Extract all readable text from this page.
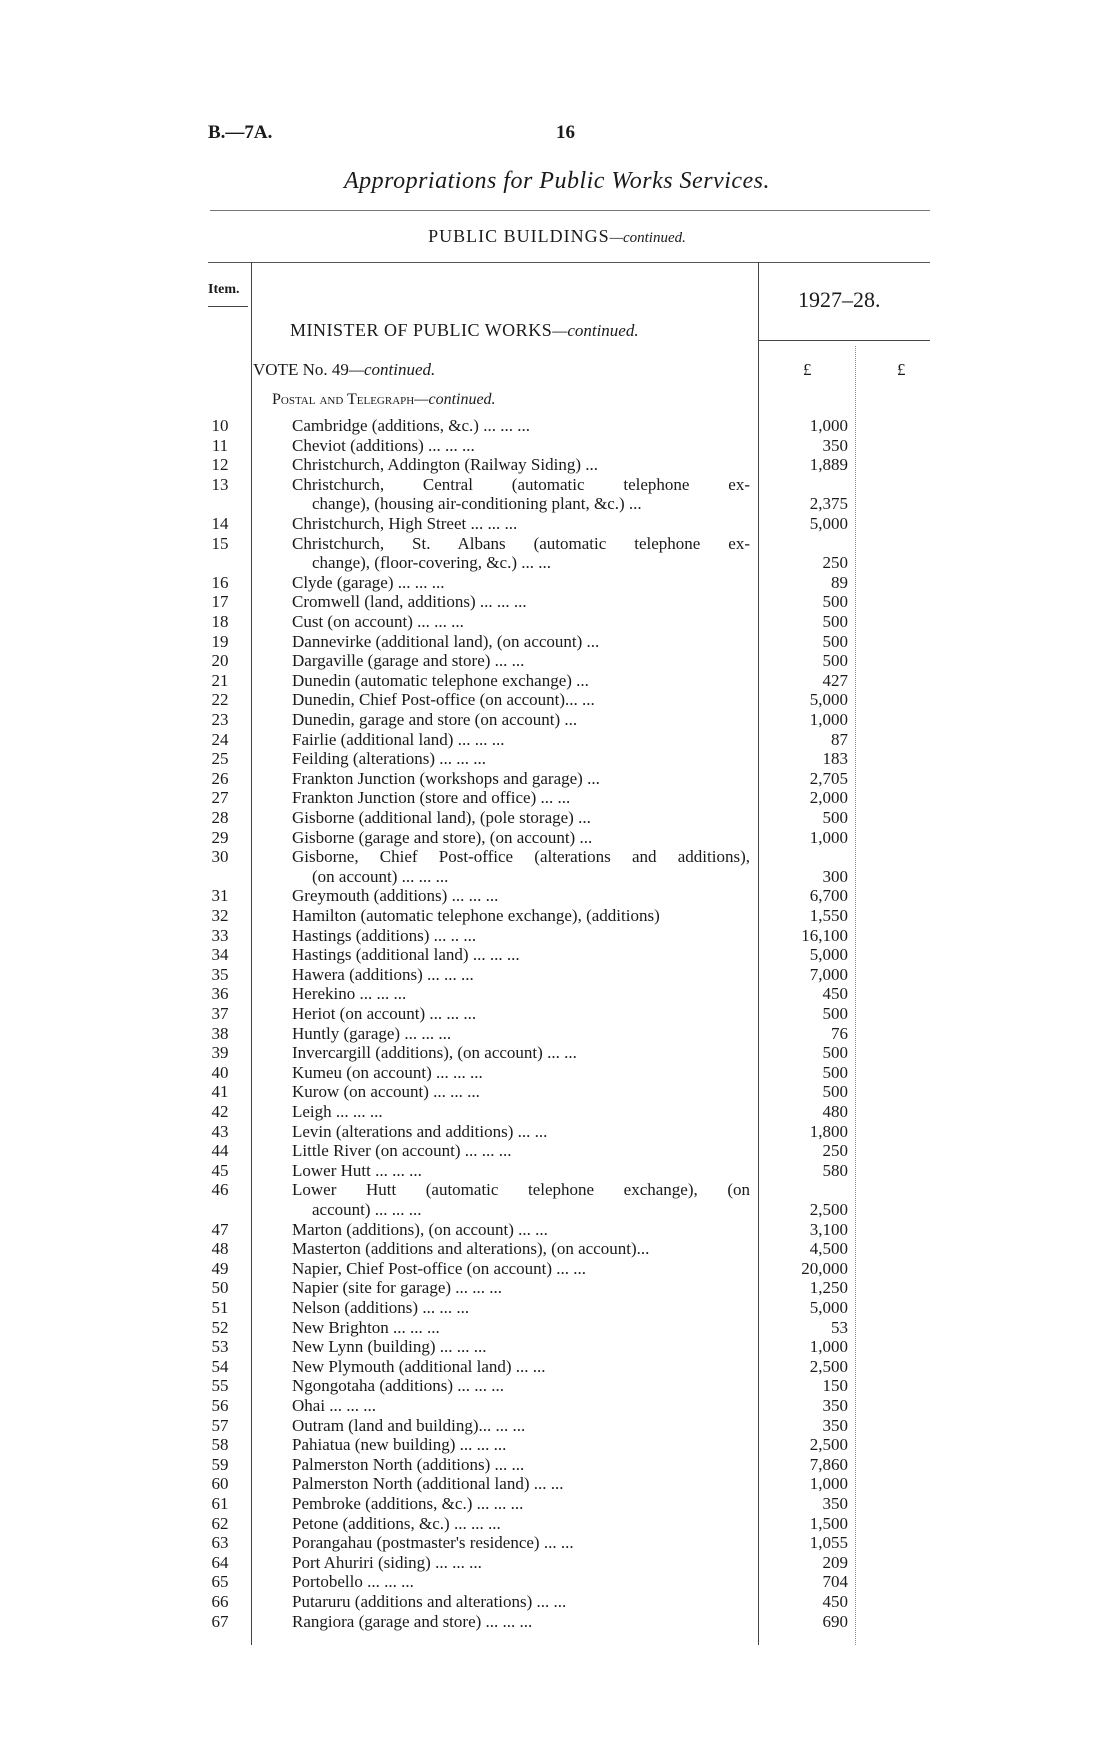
B.—7A.	16
Appropriations for Public Works Services.
PUBLIC BUILDINGS—continued.
Item.	1927–28.
MINISTER OF PUBLIC WORKS—continued.
VOTE No. 49—continued.	£	£
Postal and Telegraph—continued.
10	Cambridge (additions, &c.) ... ... ...	1,000
11	Cheviot (additions) ... ... ...	350
12	Christchurch, Addington (Railway Siding) ...	1,889
13	Christchurch, Central (automatic telephone ex-
change), (housing air-conditioning plant, &c.) ...	2,375
14	Christchurch, High Street ... ... ...	5,000
15	Christchurch, St. Albans (automatic telephone ex-
change), (floor-covering, &c.) ... ...	250
16	Clyde (garage) ... ... ...	89
17	Cromwell (land, additions) ... ... ...	500
18	Cust (on account) ... ... ...	500
19	Dannevirke (additional land), (on account) ...	500
20	Dargaville (garage and store) ... ...	500
21	Dunedin (automatic telephone exchange) ...	427
22	Dunedin, Chief Post-office (on account)... ...	5,000
23	Dunedin, garage and store (on account) ...	1,000
24	Fairlie (additional land) ... ... ...	87
25	Feilding (alterations) ... ... ...	183
26	Frankton Junction (workshops and garage) ...	2,705
27	Frankton Junction (store and office) ... ...	2,000
28	Gisborne (additional land), (pole storage) ...	500
29	Gisborne (garage and store), (on account) ...	1,000
30	Gisborne, Chief Post-office (alterations and additions),
(on account) ... ... ...	300
31	Greymouth (additions) ... ... ...	6,700
32	Hamilton (automatic telephone exchange), (additions)	1,550
33	Hastings (additions) ... .. ...	16,100
34	Hastings (additional land) ... ... ...	5,000
35	Hawera (additions) ... ... ...	7,000
36	Herekino ... ... ...	450
37	Heriot (on account) ... ... ...	500
38	Huntly (garage) ... ... ...	76
39	Invercargill (additions), (on account) ... ...	500
40	Kumeu (on account) ... ... ...	500
41	Kurow (on account) ... ... ...	500
42	Leigh ... ... ...	480
43	Levin (alterations and additions) ... ...	1,800
44	Little River (on account) ... ... ...	250
45	Lower Hutt ... ... ...	580
46	Lower Hutt (automatic telephone exchange), (on
account) ... ... ...	2,500
47	Marton (additions), (on account) ... ...	3,100
48	Masterton (additions and alterations), (on account)...	4,500
49	Napier, Chief Post-office (on account) ... ...	20,000
50	Napier (site for garage) ... ... ...	1,250
51	Nelson (additions) ... ... ...	5,000
52	New Brighton ... ... ...	53
53	New Lynn (building) ... ... ...	1,000
54	New Plymouth (additional land) ... ...	2,500
55	Ngongotaha (additions) ... ... ...	150
56	Ohai ... ... ...	350
57	Outram (land and building)... ... ...	350
58	Pahiatua (new building) ... ... ...	2,500
59	Palmerston North (additions) ... ...	7,860
60	Palmerston North (additional land) ... ...	1,000
61	Pembroke (additions, &c.) ... ... ...	350
62	Petone (additions, &c.) ... ... ...	1,500
63	Porangahau (postmaster's residence) ... ...	1,055
64	Port Ahuriri (siding) ... ... ...	209
65	Portobello ... ... ...	704
66	Putaruru (additions and alterations) ... ...	450
67	Rangiora (garage and store) ... ... ...	690
